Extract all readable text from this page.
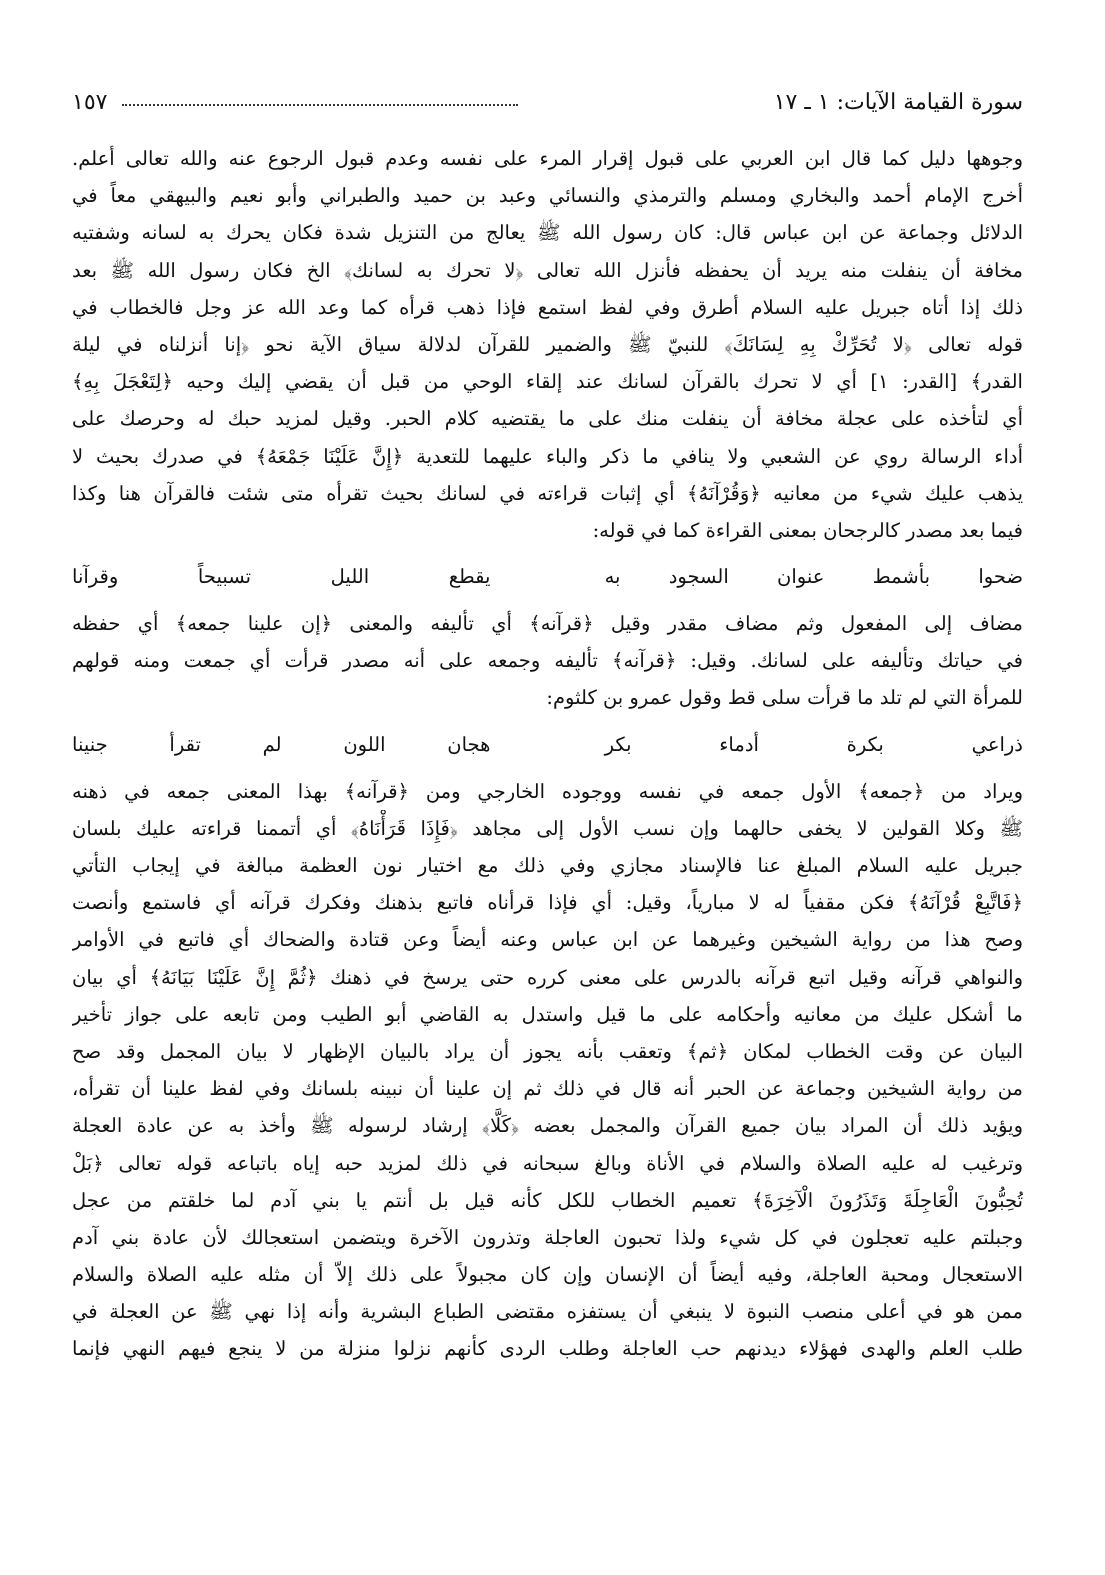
سورة القيامة الآيات: ١ ـ ١٧
١٥٧
وجوهها دليل كما قال ابن العربي على قبول إقرار المرء على نفسه وعدم قبول الرجوع عنه والله تعالى أعلم.
أخرج الإمام أحمد والبخاري ومسلم والترمذي والنسائي وعبد بن حميد والطبراني وأبو نعيم والبيهقي معاً في
الدلائل وجماعة عن ابن عباس قال: كان رسول الله ﷺ يعالج من التنزيل شدة فكان يحرك به لسانه وشفتيه
مخافة أن ينفلت منه يريد أن يحفظه فأنزل الله تعالى ﴿لا تحرك به لسانك﴾ الخ فكان رسول الله ﷺ بعد
ذلك إذا أتاه جبريل عليه السلام أطرق وفي لفظ استمع فإذا ذهب قرأه كما وعد الله عز وجل فالخطاب في
قوله تعالى ﴿لا تُحَرِّكْ بِهِ لِسَانَكَ﴾ للنبيّ ﷺ والضمير للقرآن لدلالة سياق الآية نحو ﴿إنا أنزلناه في ليلة
القدر﴾ [القدر: ١] أي لا تحرك بالقرآن لسانك عند إلقاء الوحي من قبل أن يقضي إليك وحيه ﴿لِتَعْجَلَ بِهِ﴾
أي لتأخذه على عجلة مخافة أن ينفلت منك على ما يقتضيه كلام الحبر. وقيل لمزيد حبك له وحرصك على
أداء الرسالة روي عن الشعبي ولا ينافي ما ذكر والباء عليهما للتعدية ﴿إِنَّ عَلَيْنَا جَمْعَهُ﴾ في صدرك بحيث لا
يذهب عليك شيء من معانيه ﴿وَقُرْآنَهُ﴾ أي إثبات قراءته في لسانك بحيث تقرأه متى شئت فالقرآن هنا وكذا
فيما بعد مصدر كالرجحان بمعنى القراءة كما في قوله:
ضحوا بأشمط عنوان السجود به
يقطع الليل تسبيحاً وقرآنا
مضاف إلى المفعول وثم مضاف مقدر وقيل ﴿قرآنه﴾ أي تأليفه والمعنى ﴿إن علينا جمعه﴾ أي حفظه
في حياتك وتأليفه على لسانك. وقيل: ﴿قرآنه﴾ تأليفه وجمعه على أنه مصدر قرأت أي جمعت ومنه قولهم
للمرأة التي لم تلد ما قرأت سلى قط وقول عمرو بن كلثوم:
ذراعي بكرة أدماء بكر
هجان اللون لم تقرأ جنينا
ويراد من ﴿جمعه﴾ الأول جمعه في نفسه ووجوده الخارجي ومن ﴿قرآنه﴾ بهذا المعنى جمعه في ذهنه
ﷺ وكلا القولين لا يخفى حالهما وإن نسب الأول إلى مجاهد ﴿فَإِذَا قَرَأْنَاهُ﴾ أي أتممنا قراءته عليك بلسان
جبريل عليه السلام المبلغ عنا فالإسناد مجازي وفي ذلك مع اختيار نون العظمة مبالغة في إيجاب التأتي
﴿فَاتَّبِعْ قُرْآنَهُ﴾ فكن مقفياً له لا مبارياً، وقيل: أي فإذا قرأناه فاتبع بذهنك وفكرك قرآنه أي فاستمع وأنصت
وصح هذا من رواية الشيخين وغيرهما عن ابن عباس وعنه أيضاً وعن قتادة والضحاك أي فاتبع في الأوامر
والنواهي قرآنه وقيل اتبع قرآنه بالدرس على معنى كرره حتى يرسخ في ذهنك ﴿ثُمَّ إِنَّ عَلَيْنَا بَيَانَهُ﴾ أي بيان
ما أشكل عليك من معانيه وأحكامه على ما قيل واستدل به القاضي أبو الطيب ومن تابعه على جواز تأخير
البيان عن وقت الخطاب لمكان ﴿ثم﴾ وتعقب بأنه يجوز أن يراد بالبيان الإظهار لا بيان المجمل وقد صح
من رواية الشيخين وجماعة عن الحبر أنه قال في ذلك ثم إن علينا أن نبينه بلسانك وفي لفظ علينا أن تقرأه،
ويؤيد ذلك أن المراد بيان جميع القرآن والمجمل بعضه ﴿كَلَّا﴾ إرشاد لرسوله ﷺ وأخذ به عن عادة العجلة
وترغيب له عليه الصلاة والسلام في الأناة وبالغ سبحانه في ذلك لمزيد حبه إياه باتباعه قوله تعالى ﴿بَلْ
تُحِبُّونَ الْعَاجِلَةَ وَتَذَرُونَ الْآخِرَةَ﴾ تعميم الخطاب للكل كأنه قيل بل أنتم يا بني آدم لما خلقتم من عجل
وجبلتم عليه تعجلون في كل شيء ولذا تحبون العاجلة وتذرون الآخرة ويتضمن استعجالك لأن عادة بني آدم
الاستعجال ومحبة العاجلة، وفيه أيضاً أن الإنسان وإن كان مجبولاً على ذلك إلاّ أن مثله عليه الصلاة والسلام
ممن هو في أعلى منصب النبوة لا ينبغي أن يستفزه مقتضى الطباع البشرية وأنه إذا نهي ﷺ عن العجلة في
طلب العلم والهدى فهؤلاء ديدنهم حب العاجلة وطلب الردى كأنهم نزلوا منزلة من لا ينجع فيهم النهي فإنما
